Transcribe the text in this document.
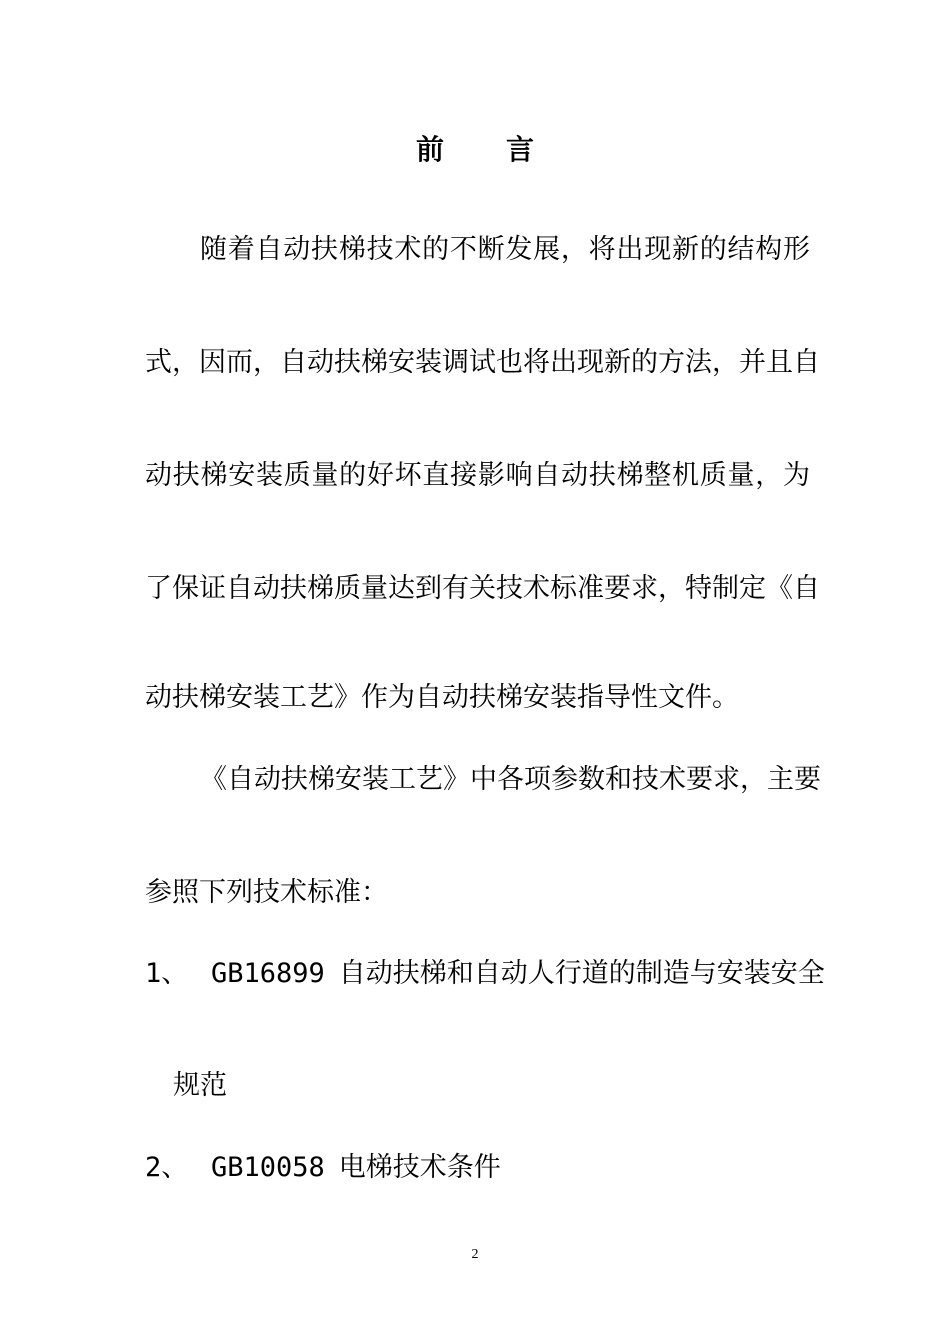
前 言
随着自动扶梯技术的不断发展，将出现新的结构形
式，因而，自动扶梯安装调试也将出现新的方法，并且自
动扶梯安装质量的好坏直接影响自动扶梯整机质量，为
了保证自动扶梯质量达到有关技术标准要求，特制定《自
动扶梯安装工艺》作为自动扶梯安装指导性文件。
《自动扶梯安装工艺》中各项参数和技术要求，主要
参照下列技术标准：
1、 GB16899 自动扶梯和自动人行道的制造与安装安全
规范
2、 GB10058 电梯技术条件
2
